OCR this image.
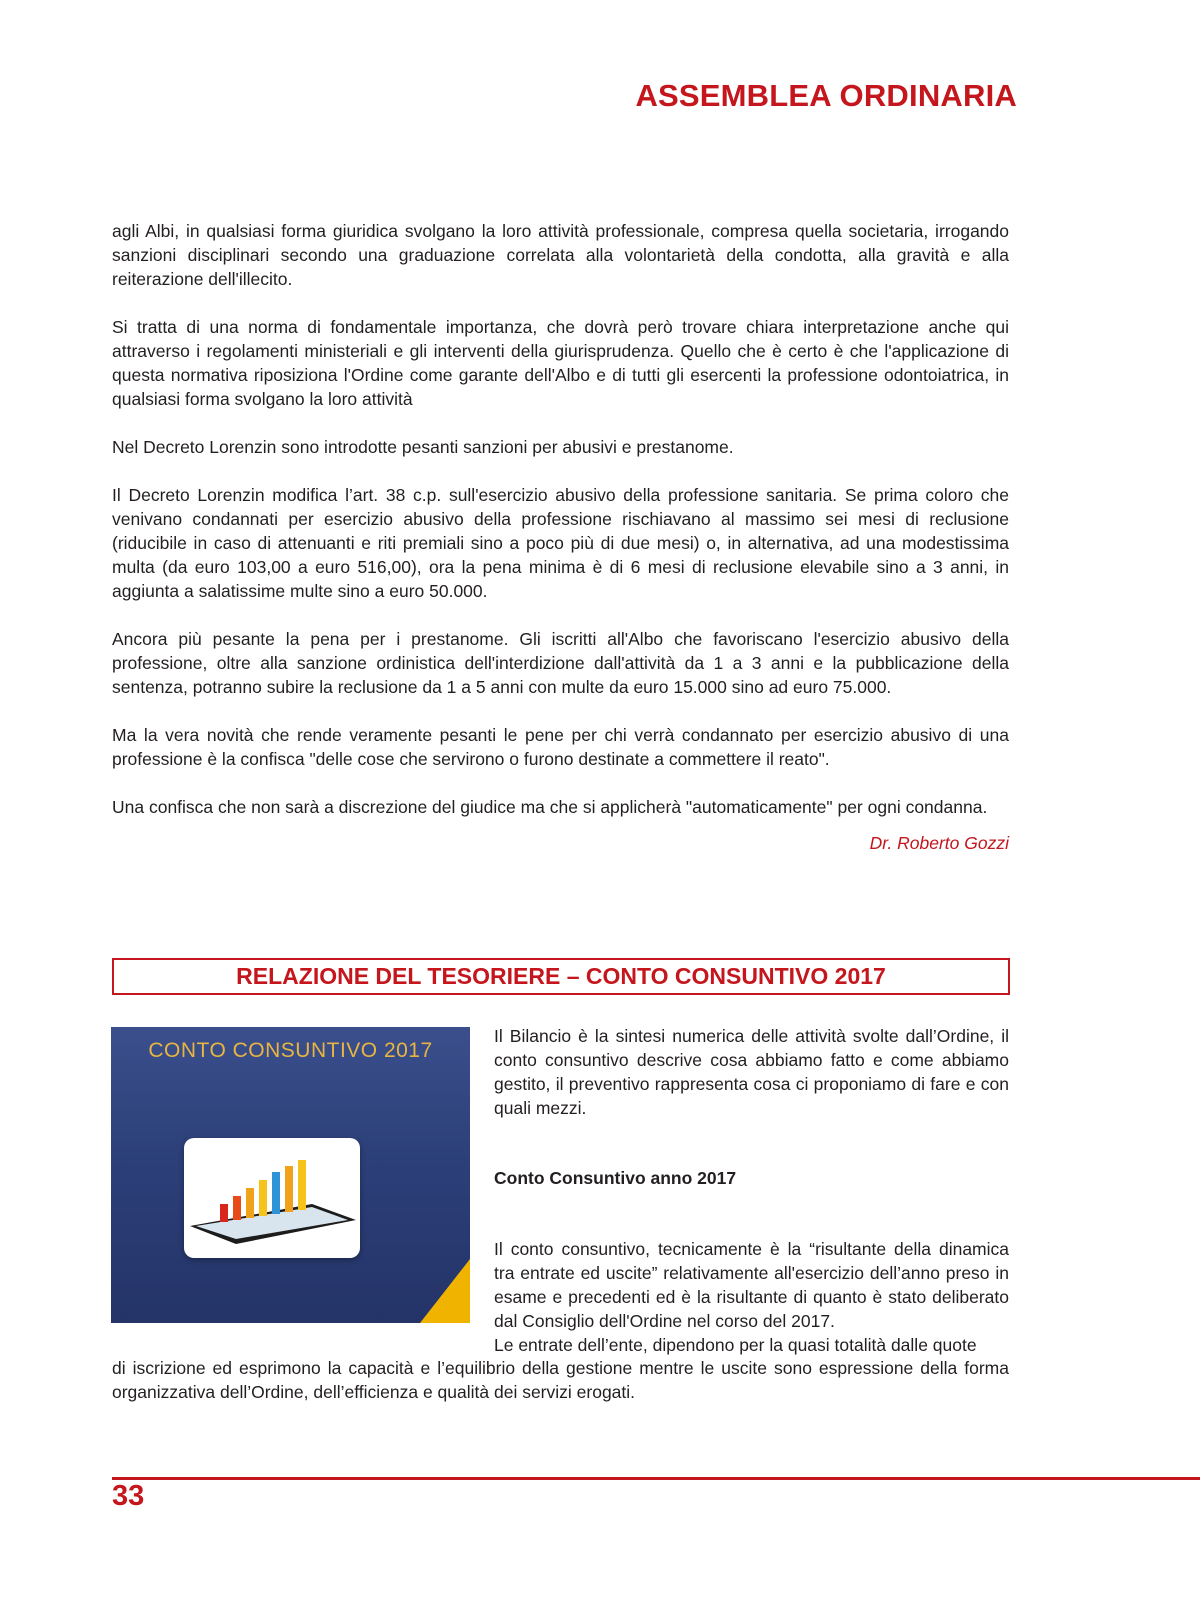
ASSEMBLEA ORDINARIA

agli Albi, in qualsiasi forma giuridica svolgano la loro attività professionale, compresa quella societaria, irrogando sanzioni disciplinari secondo una graduazione correlata alla volontarietà della condotta, alla gravità e alla reiterazione dell'illecito.

Si tratta di una norma di fondamentale importanza, che dovrà però trovare chiara interpretazione anche qui attraverso i regolamenti ministeriali e gli interventi della giurisprudenza. Quello che è certo è che l'applicazione di questa normativa riposiziona l'Ordine come garante dell'Albo e di tutti gli esercenti la professione odontoiatrica, in qualsiasi forma svolgano la loro attività

Nel Decreto Lorenzin sono introdotte pesanti sanzioni per abusivi e prestanome.

Il Decreto Lorenzin modifica l’art. 38 c.p. sull'esercizio abusivo della professione sanitaria. Se prima coloro che venivano condannati per esercizio abusivo della professione rischiavano al massimo sei mesi di reclusione (riducibile in caso di attenuanti e riti premiali sino a poco più di due mesi) o, in alternativa, ad una modestissima multa (da euro 103,00 a euro 516,00), ora la pena minima è di 6 mesi di reclusione elevabile sino a 3 anni, in aggiunta a salatissime multe sino a euro 50.000.

Ancora più pesante la pena per i prestanome. Gli iscritti all'Albo che favoriscano l'esercizio abusivo della professione, oltre alla sanzione ordinistica dell'interdizione dall'attività da 1 a 3 anni e la pubblicazione della sentenza, potranno subire la reclusione da 1 a 5 anni con multe da euro 15.000 sino ad euro 75.000.

Ma la vera novità che rende veramente pesanti le pene per chi verrà condannato per esercizio abusivo di una professione è la confisca "delle cose che servirono o furono destinate a commettere il reato".

Una confisca che non sarà a discrezione del giudice ma che si applicherà "automaticamente" per ogni condanna.

Dr. Roberto Gozzi
RELAZIONE DEL TESORIERE – CONTO CONSUNTIVO 2017
CONTO CONSUNTIVO 2017
Il Bilancio è la sintesi numerica delle attività svolte dall’Ordine, il conto consuntivo descrive cosa abbiamo fatto e come abbiamo gestito, il preventivo rappresenta cosa ci proponiamo di fare e con quali mezzi.
Conto Consuntivo anno 2017
Il conto consuntivo, tecnicamente è la “risultante della dinamica tra entrate ed uscite” relativamente all'esercizio dell’anno preso in esame e precedenti ed è la risultante di quanto è stato deliberato dal Consiglio dell'Ordine nel corso del 2017.
Le entrate dell’ente, dipendono per la quasi totalità dalle quote
di iscrizione ed esprimono la capacità e l’equilibrio della gestione mentre le uscite sono espressione della forma organizzativa dell’Ordine, dell’efficienza e qualità dei servizi erogati.
33
